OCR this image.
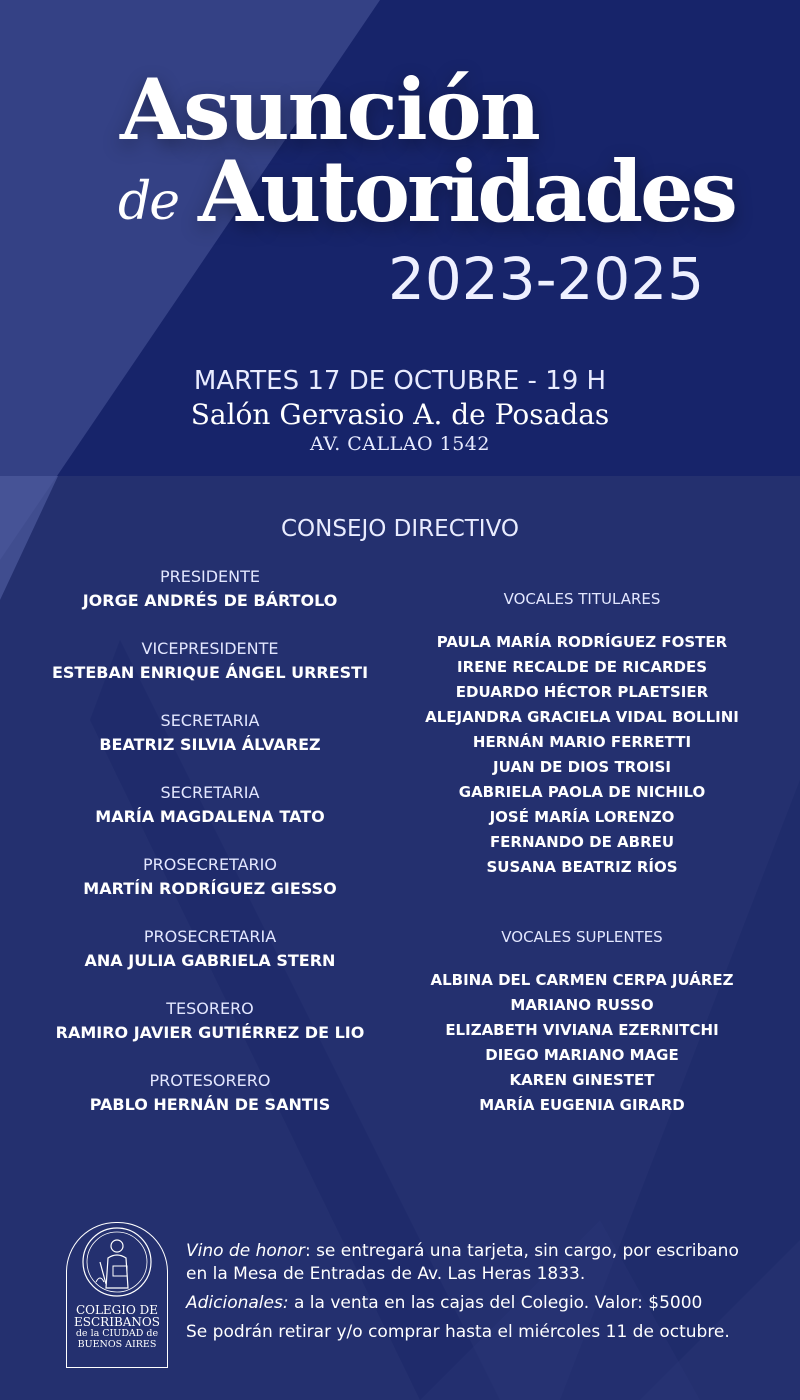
Asunción
de Autoridades
2023-2025
MARTES 17 DE OCTUBRE - 19 H
Salón Gervasio A. de Posadas
AV. CALLAO 1542
CONSEJO DIRECTIVO
PRESIDENTE
JORGE ANDRÉS DE BÁRTOLO
VICEPRESIDENTE
ESTEBAN ENRIQUE ÁNGEL URRESTI
SECRETARIA
BEATRIZ SILVIA ÁLVAREZ
SECRETARIA
MARÍA MAGDALENA TATO
PROSECRETARIO
MARTÍN RODRÍGUEZ GIESSO
PROSECRETARIA
ANA JULIA GABRIELA STERN
TESORERO
RAMIRO JAVIER GUTIÉRREZ DE LIO
PROTESORERO
PABLO HERNÁN DE SANTIS
VOCALES TITULARES
PAULA MARÍA RODRÍGUEZ FOSTER
IRENE RECALDE DE RICARDES
EDUARDO HÉCTOR PLAETSIER
ALEJANDRA GRACIELA VIDAL BOLLINI
HERNÁN MARIO FERRETTI
JUAN DE DIOS TROISI
GABRIELA PAOLA DE NICHILO
JOSÉ MARÍA LORENZO
FERNANDO DE ABREU
SUSANA BEATRIZ RÍOS
VOCALES SUPLENTES
ALBINA DEL CARMEN CERPA JUÁREZ
MARIANO RUSSO
ELIZABETH VIVIANA EZERNITCHI
DIEGO MARIANO MAGE
KAREN GINESTET
MARÍA EUGENIA GIRARD
COLEGIO DE
ESCRIBANOS
de la CIUDAD de
BUENOS AIRES

Vino de honor: se entregará una tarjeta, sin cargo, por escribano en la Mesa de Entradas de Av. Las Heras 1833.

Adicionales: a la venta en las cajas del Colegio. Valor: $5000

Se podrán retirar y/o comprar hasta el miércoles 11 de octubre.
